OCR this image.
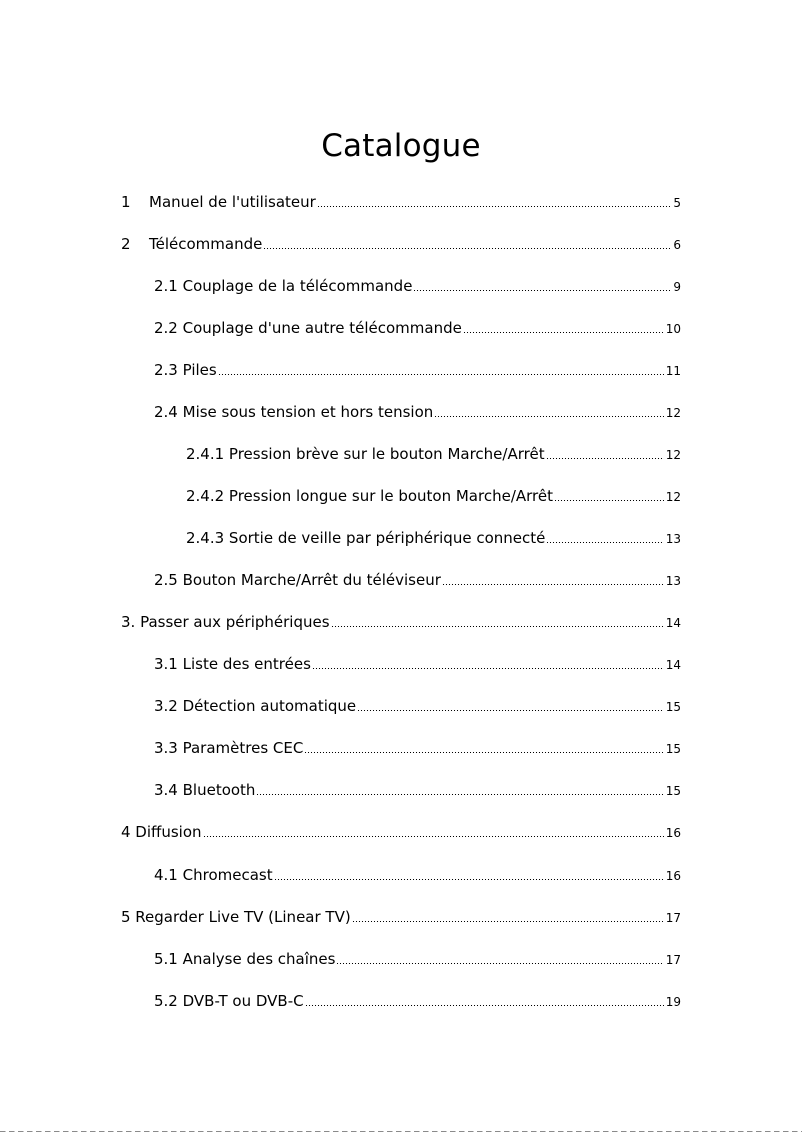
Catalogue
1	Manuel de l'utilisateur	5
2	Télécommande	6
2.1 Couplage de la télécommande	9
2.2 Couplage d'une autre télécommande	10
2.3 Piles	11
2.4 Mise sous tension et hors tension	12
2.4.1 Pression brève sur le bouton Marche/Arrêt	12
2.4.2 Pression longue sur le bouton Marche/Arrêt	12
2.4.3 Sortie de veille par périphérique connecté	13
2.5 Bouton Marche/Arrêt du téléviseur	13
3. Passer aux périphériques	14
3.1 Liste des entrées	14
3.2 Détection automatique	15
3.3 Paramètres CEC	15
3.4 Bluetooth	15
4 Diffusion	16
4.1 Chromecast	16
5 Regarder Live TV (Linear TV)	17
5.1 Analyse des chaînes	17
5.2 DVB-T ou DVB-C	19
